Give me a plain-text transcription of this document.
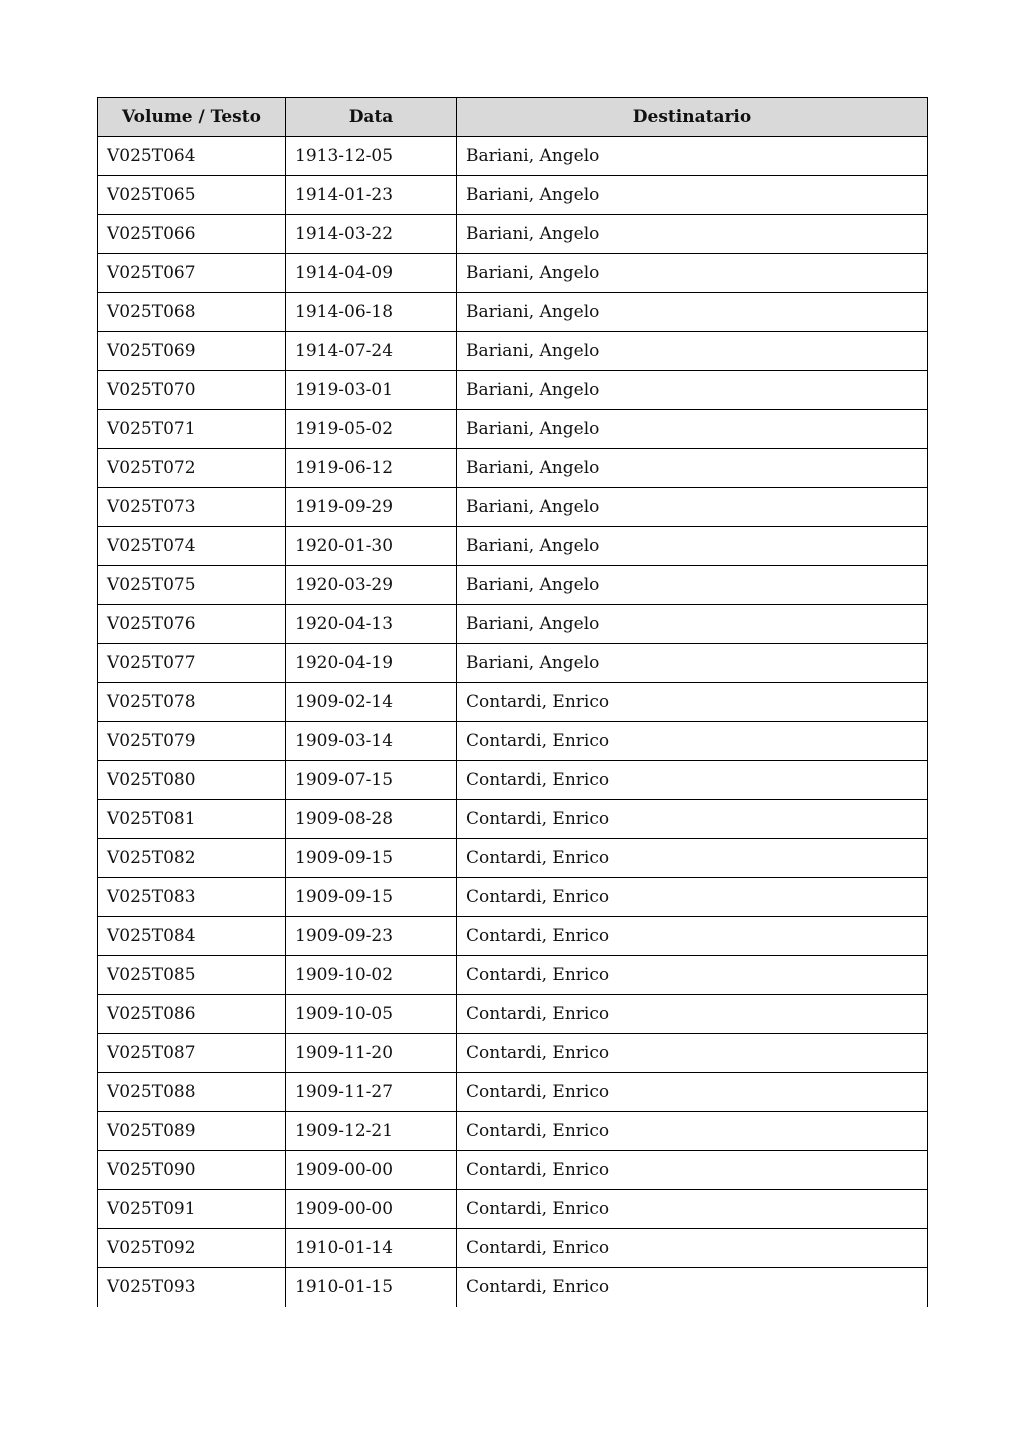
Volume / Testo	Data	Destinatario
V025T064	1913-12-05	Bariani, Angelo
V025T065	1914-01-23	Bariani, Angelo
V025T066	1914-03-22	Bariani, Angelo
V025T067	1914-04-09	Bariani, Angelo
V025T068	1914-06-18	Bariani, Angelo
V025T069	1914-07-24	Bariani, Angelo
V025T070	1919-03-01	Bariani, Angelo
V025T071	1919-05-02	Bariani, Angelo
V025T072	1919-06-12	Bariani, Angelo
V025T073	1919-09-29	Bariani, Angelo
V025T074	1920-01-30	Bariani, Angelo
V025T075	1920-03-29	Bariani, Angelo
V025T076	1920-04-13	Bariani, Angelo
V025T077	1920-04-19	Bariani, Angelo
V025T078	1909-02-14	Contardi, Enrico
V025T079	1909-03-14	Contardi, Enrico
V025T080	1909-07-15	Contardi, Enrico
V025T081	1909-08-28	Contardi, Enrico
V025T082	1909-09-15	Contardi, Enrico
V025T083	1909-09-15	Contardi, Enrico
V025T084	1909-09-23	Contardi, Enrico
V025T085	1909-10-02	Contardi, Enrico
V025T086	1909-10-05	Contardi, Enrico
V025T087	1909-11-20	Contardi, Enrico
V025T088	1909-11-27	Contardi, Enrico
V025T089	1909-12-21	Contardi, Enrico
V025T090	1909-00-00	Contardi, Enrico
V025T091	1909-00-00	Contardi, Enrico
V025T092	1910-01-14	Contardi, Enrico
V025T093	1910-01-15	Contardi, Enrico
